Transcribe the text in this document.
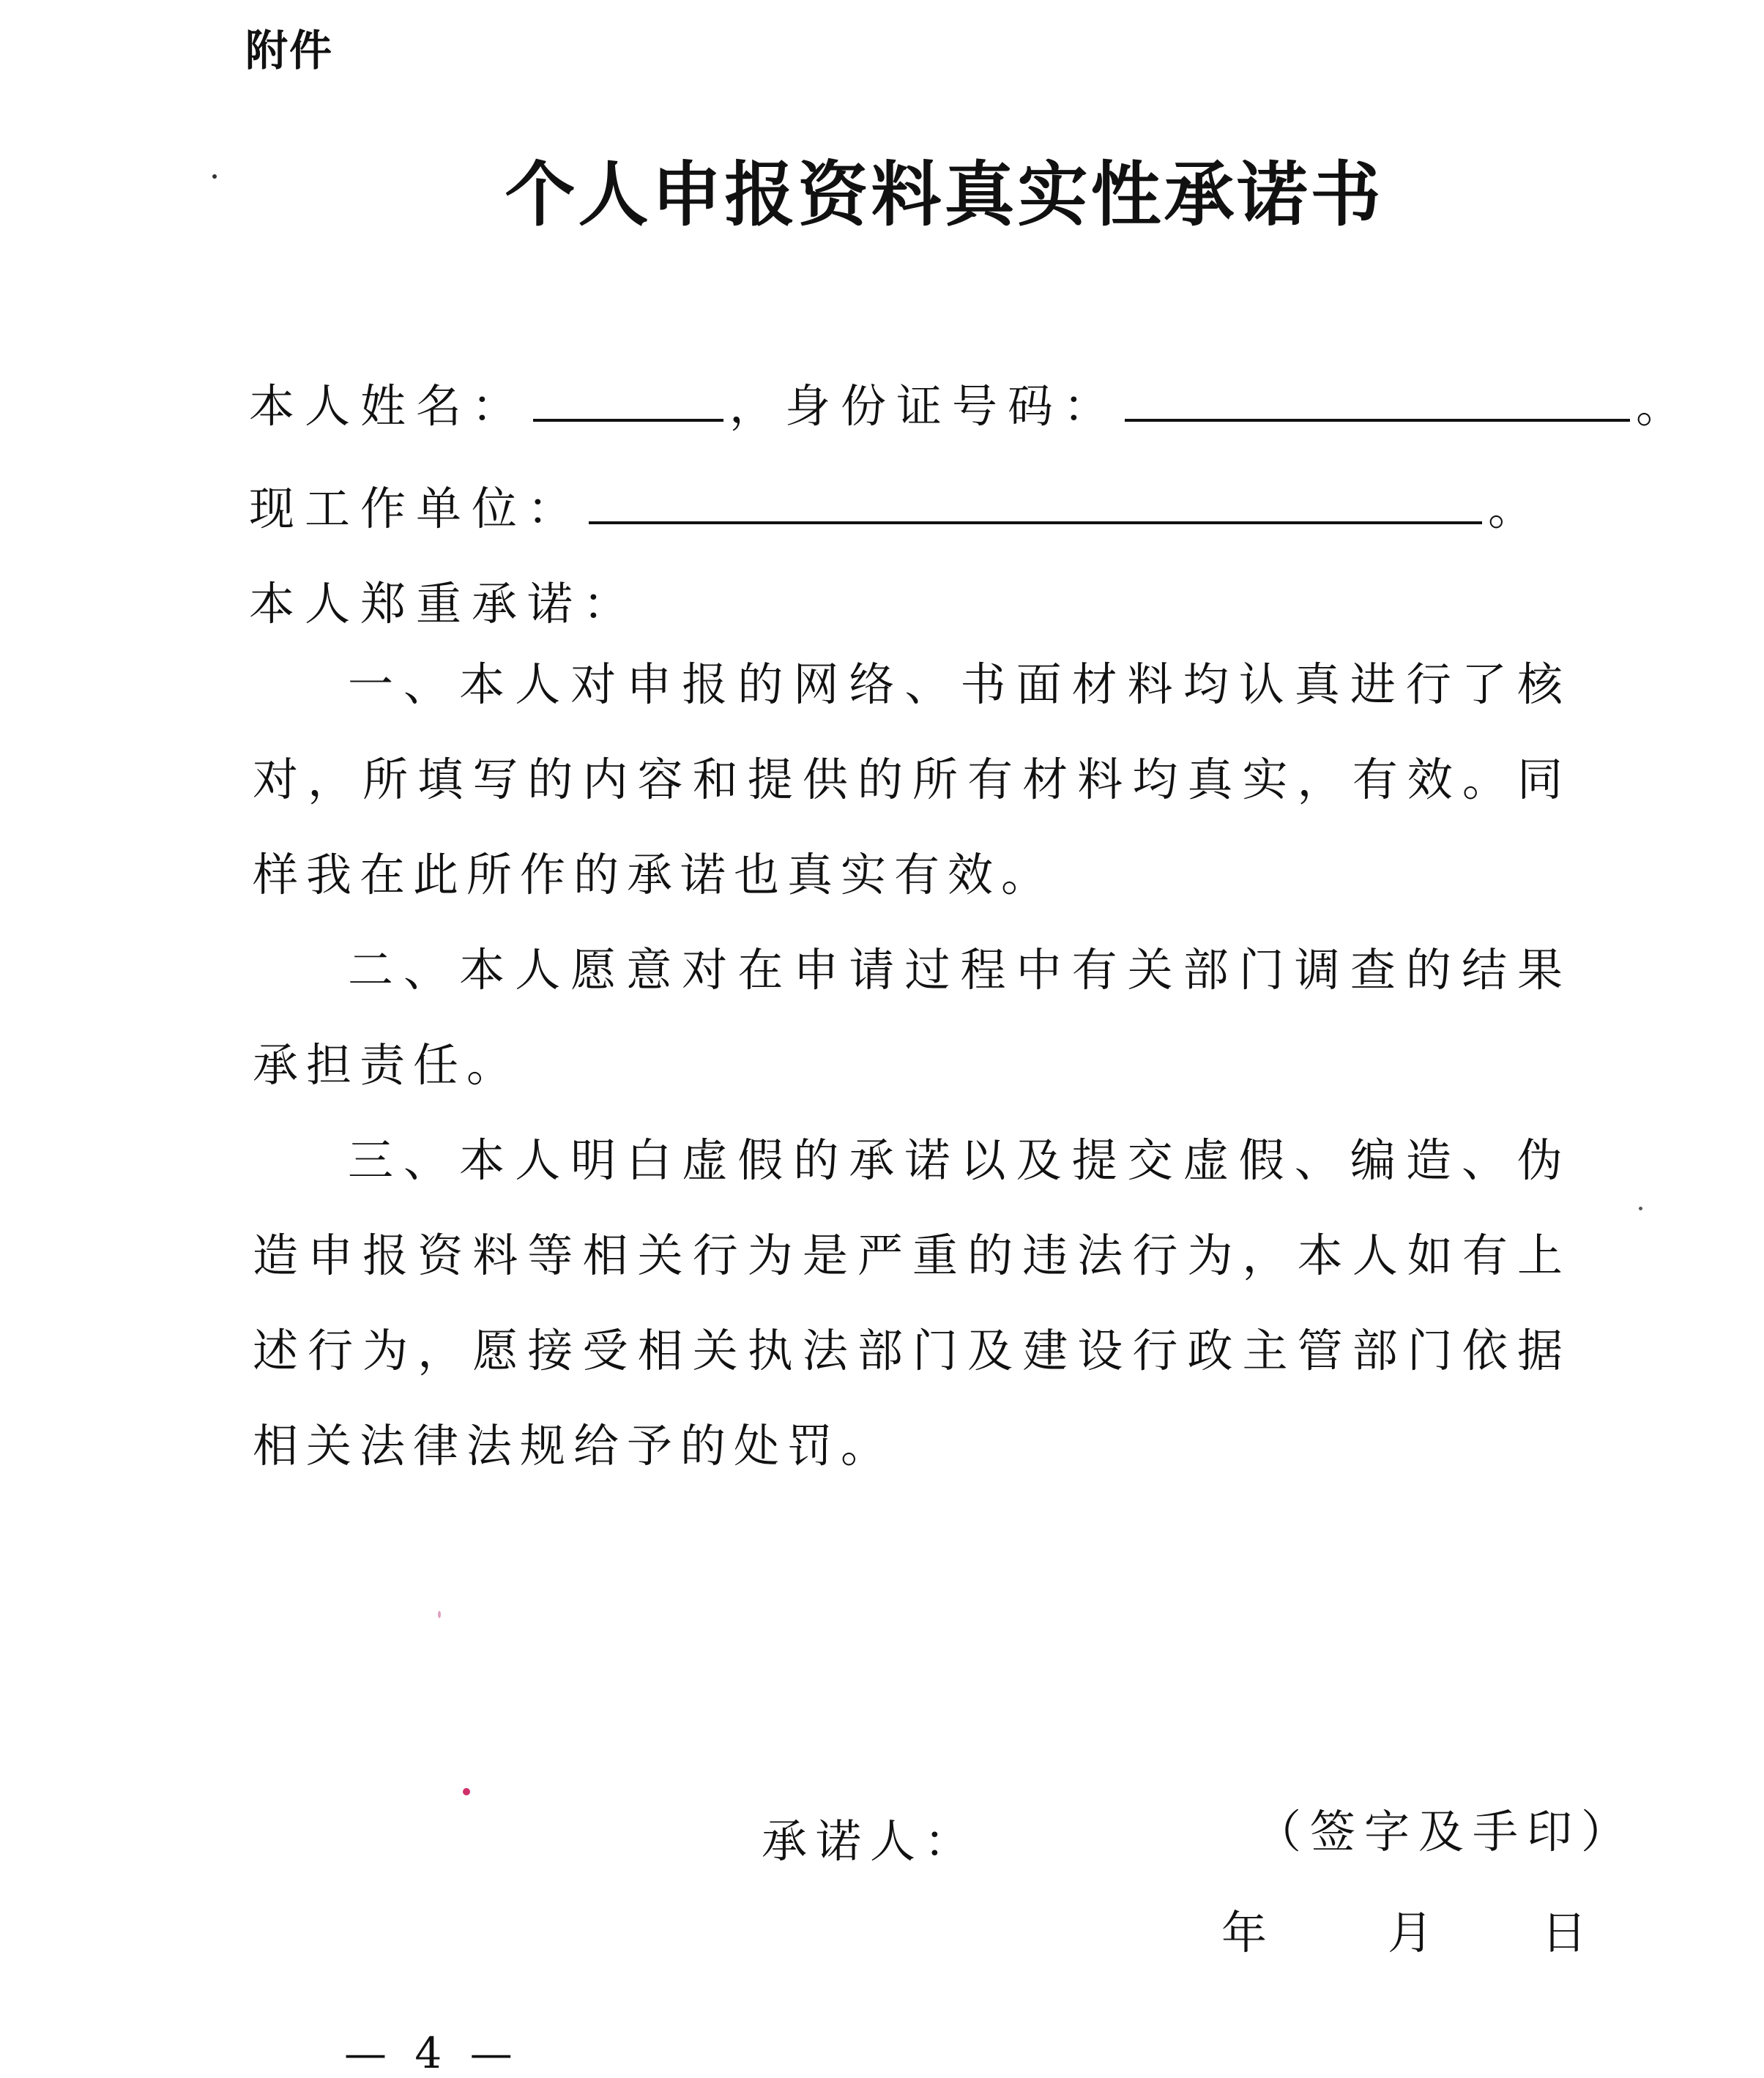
附件
个人申报资料真实性承诺书
本人姓名：	，身份证号码：	。
现工作单位：	。
本人郑重承诺：
一、本人对申报的网络、书面材料均认真进行了核对，所填写的内容和提供的所有材料均真实，有效。同样我在此所作的承诺也真实有效。
二、本人愿意对在申请过程中有关部门调查的结果承担责任。
三、本人明白虚假的承诺以及提交虚假、编造、伪造申报资料等相关行为是严重的违法行为，本人如有上述行为，愿接受相关执法部门及建设行政主管部门依据相关法律法规给予的处罚。
承诺人：	（签字及手印）
年 月 日
— 4 —
